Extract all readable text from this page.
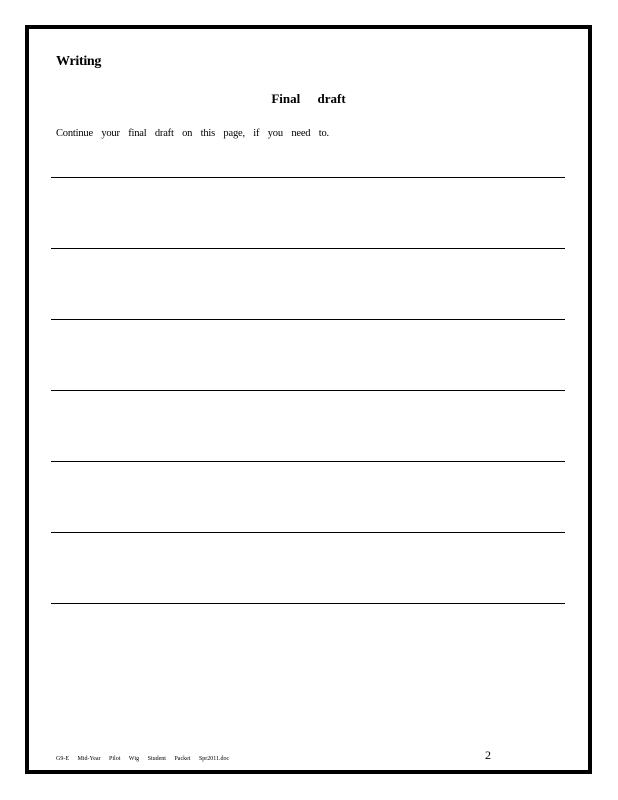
Writing
Final draft
Continue your final draft on this page, if you need to.
G9-E Mid-Year Pilot Wtg Student Packet Spr2011.doc	2
